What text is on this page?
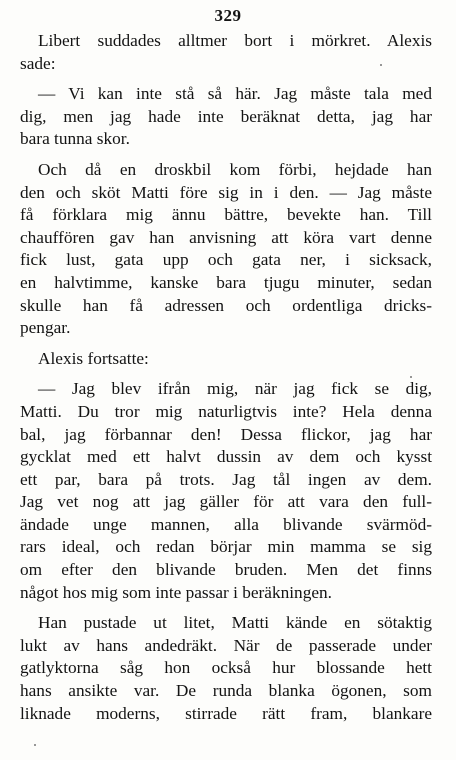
329
Libert suddades alltmer bort i mörkret. Alexis
sade:
— Vi kan inte stå så här. Jag måste tala med
dig, men jag hade inte beräknat detta, jag har
bara tunna skor.
Och då en droskbil kom förbi, hejdade han
den och sköt Matti före sig in i den. — Jag måste
få förklara mig ännu bättre, bevekte han. Till
chauffören gav han anvisning att köra vart denne
fick lust, gata upp och gata ner, i sicksack,
en halvtimme, kanske bara tjugu minuter, sedan
skulle han få adressen och ordentliga dricks-
pengar.
Alexis fortsatte:
— Jag blev ifrån mig, när jag fick se dig,
Matti. Du tror mig naturligtvis inte? Hela denna
bal, jag förbannar den! Dessa flickor, jag har
gycklat med ett halvt dussin av dem och kysst
ett par, bara på trots. Jag tål ingen av dem.
Jag vet nog att jag gäller för att vara den full-
ändade unge mannen, alla blivande svärmöd-
rars ideal, och redan börjar min mamma se sig
om efter den blivande bruden. Men det finns
något hos mig som inte passar i beräkningen.
Han pustade ut litet, Matti kände en sötaktig
lukt av hans andedräkt. När de passerade under
gatlyktorna såg hon också hur blossande hett
hans ansikte var. De runda blanka ögonen, som
liknade moderns, stirrade rätt fram, blankare
